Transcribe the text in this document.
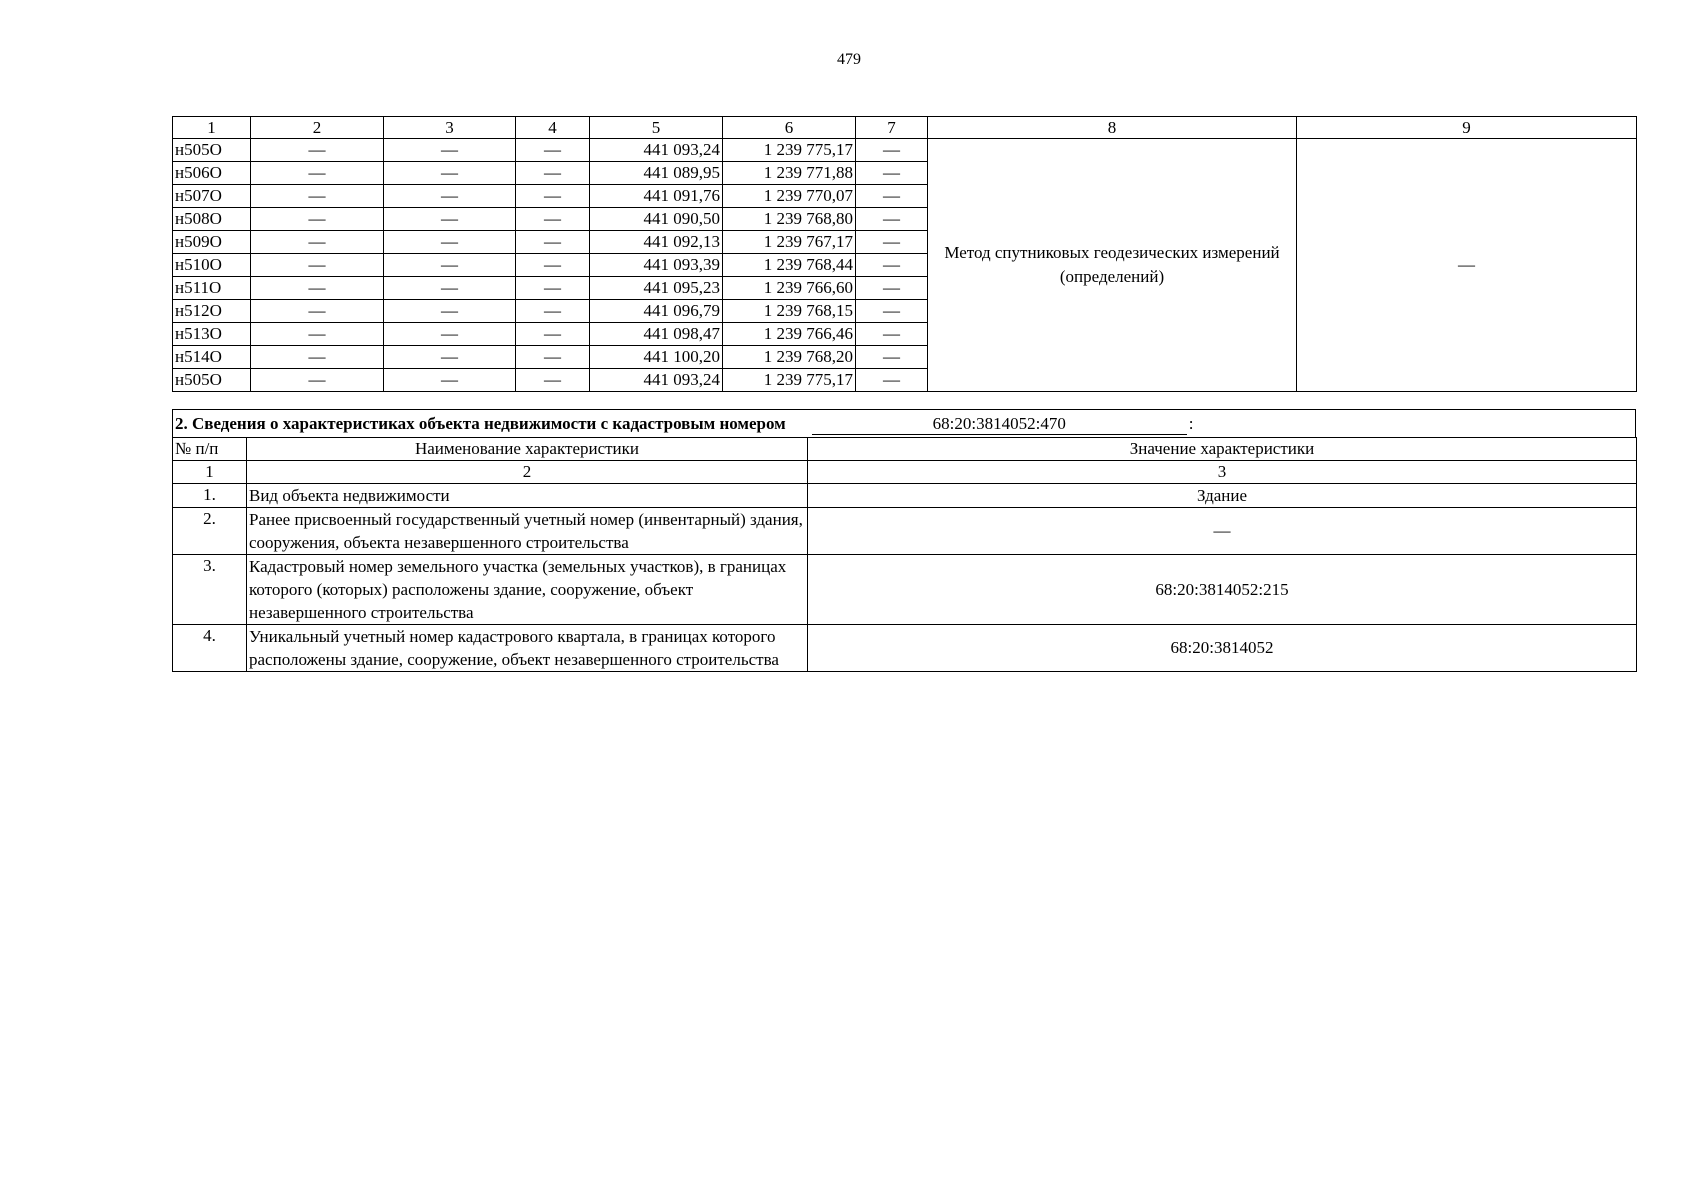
479
1	2	3	4	5	6	7	8	9
н505О	—	—	—	441 093,24	1 239 775,17	—	Метод спутниковых геодезических измерений (определений)	—
н506О	—	—	—	441 089,95	1 239 771,88	—		
н507О	—	—	—	441 091,76	1 239 770,07	—		
н508О	—	—	—	441 090,50	1 239 768,80	—		
н509О	—	—	—	441 092,13	1 239 767,17	—		
н510О	—	—	—	441 093,39	1 239 768,44	—		
н511О	—	—	—	441 095,23	1 239 766,60	—		
н512О	—	—	—	441 096,79	1 239 768,15	—		
н513О	—	—	—	441 098,47	1 239 766,46	—		
н514О	—	—	—	441 100,20	1 239 768,20	—		
н505О	—	—	—	441 093,24	1 239 775,17	—		
2. Сведения о характеристиках объекта недвижимости с кадастровым номером	68:20:3814052:470	:
№ п/п	Наименование характеристики	Значение характеристики
1	2	3
1.	Вид объекта недвижимости	Здание
2.	Ранее присвоенный государственный учетный номер (инвентарный) здания, сооружения, объекта незавершенного строительства	—
3.	Кадастровый номер земельного участка (земельных участков), в границах которого (которых) расположены здание, сооружение, объект незавершенного строительства	68:20:3814052:215
4.	Уникальный учетный номер кадастрового квартала, в границах которого расположены здание, сооружение, объект незавершенного строительства	68:20:3814052
